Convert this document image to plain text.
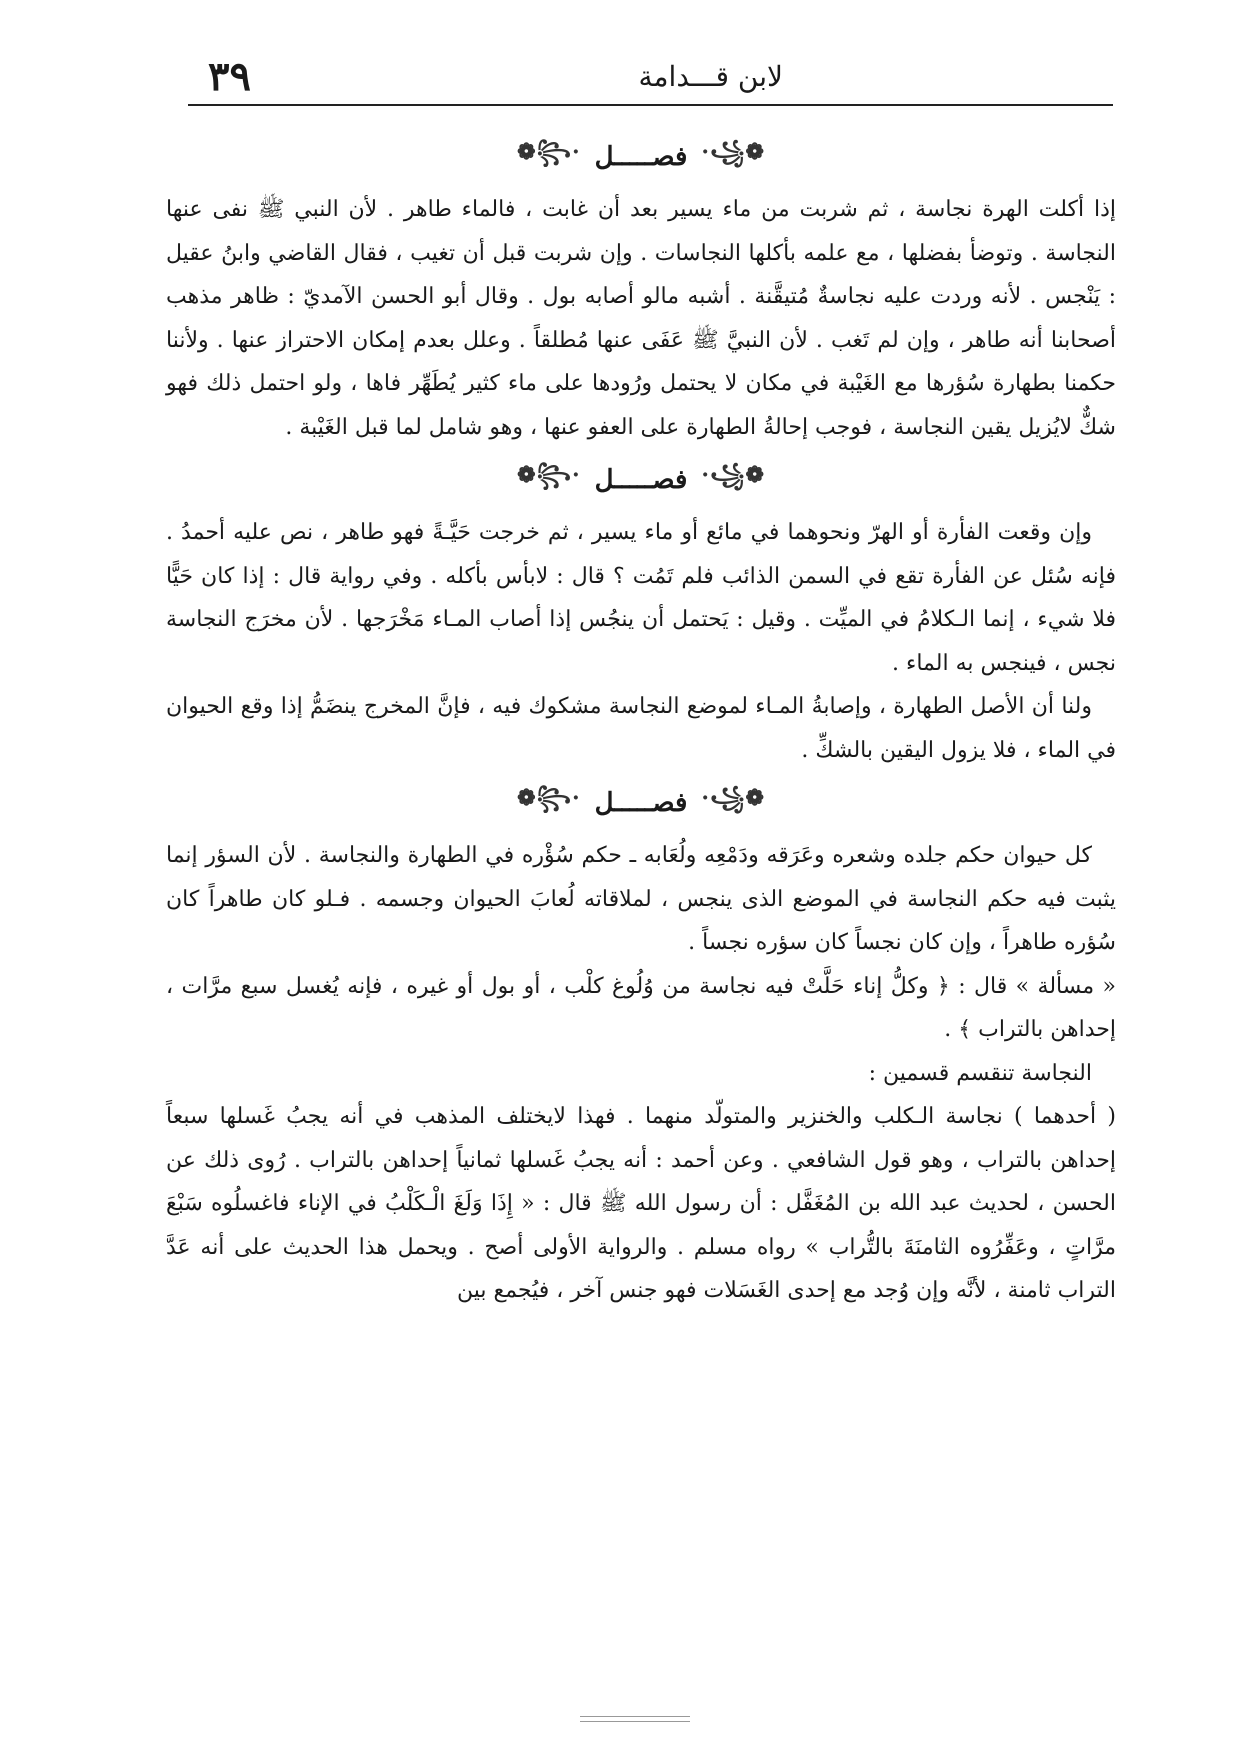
لابن قـــدامة
٣٩
❁꧁·
فصـــــل
·꧂❁

إذا أكلت الهرة نجاسة ، ثم شربت من ماء يسير بعد أن غابت ، فالماء طاهر . لأن النبي ﷺ نفى عنها النجاسة . وتوضأ بفضلها ، مع علمه بأكلها النجاسات . وإن شربت قبل أن تغيب ، فقال القاضي وابنُ عقيل : يَنْجس . لأنه وردت عليه نجاسةٌ مُتيقَّنة . أشبه مالو أصابه بول . وقال أبو الحسن الآمديّ : ظاهر مذهب أصحابنا أنه طاهر ، وإن لم تَغب . لأن النبيَّ ﷺ عَفَى عنها مُطلقاً . وعلل بعدم إمكان الاحتراز عنها . ولأننا حكمنا بطهارة سُؤرها مع الغَيْبة في مكان لا يحتمل ورُودها على ماء كثير يُطَهِّر فاها ، ولو احتمل ذلك فهو شكٌّ لايُزيل يقين النجاسة ، فوجب إحالةُ الطهارة على العفو عنها ، وهو شامل لما قبل الغَيْبة .

❁꧁·
فصـــــل
·꧂❁

وإن وقعت الفأرة أو الهرّ ونحوهما في مائع أو ماء يسير ، ثم خرجت حَيَّـةً فهو طاهر ، نص عليه أحمدُ . فإنه سُئل عن الفأرة تقع في السمن الذائب فلم تَمُت ؟ قال : لابأس بأكله . وفي رواية قال : إذا كان حَيًّا فلا شيء ، إنما الـكلامُ في الميِّت . وقيل : يَحتمل أن ينجُس إذا أصاب المـاء مَخْرَجها . لأن مخرَج النجاسة نجس ، فينجس به الماء .

ولنا أن الأصل الطهارة ، وإصابةُ المـاء لموضع النجاسة مشكوك فيه ، فإنَّ المخرج ينضَمُّ إذا وقع الحيوان في الماء ، فلا يزول اليقين بالشكِّ .

❁꧁·
فصـــــل
·꧂❁

كل حيوان حكم جلده وشعره وعَرَقه ودَمْعِه ولُعَابه ـ حكم سُؤْره في الطهارة والنجاسة . لأن السؤر إنما يثبت فيه حكم النجاسة في الموضع الذى ينجس ، لملاقاته لُعابَ الحيوان وجسمه . فـلو كان طاهراً كان سُؤره طاهراً ، وإن كان نجساً كان سؤره نجساً .

« مسألة » قال : ﴿ وكلُّ إناء حَلَّتْ فيه نجاسة من وُلُوغ كلْب ، أو بول أو غيره ، فإنه يُغسل سبع مرَّات ، إحداهن بالتراب ﴾ .

النجاسة تنقسم قسمين :

( أحدهما ) نجاسة الـكلب والخنزير والمتولّد منهما . فهذا لايختلف المذهب في أنه يجبُ غَسلها سبعاً إحداهن بالتراب ، وهو قول الشافعي . وعن أحمد : أنه يجبُ غَسلها ثمانياً إحداهن بالتراب . رُوى ذلك عن الحسن ، لحديث عبد الله بن المُغَفَّل : أن رسول الله ﷺ قال : « إِذَا وَلَغَ الْـكَلْبُ في الإناء فاغسلُوه سَبْعَ مرَّاتٍ ، وعَفِّرُوه الثامنَةَ بالتُّراب » رواه مسلم . والرواية الأولى أصح . ويحمل هذا الحديث على أنه عَدَّ التراب ثامنة ، لأنَّه وإن وُجد مع إحدى الغَسَلات فهو جنس آخر ، فيُجمع بين
